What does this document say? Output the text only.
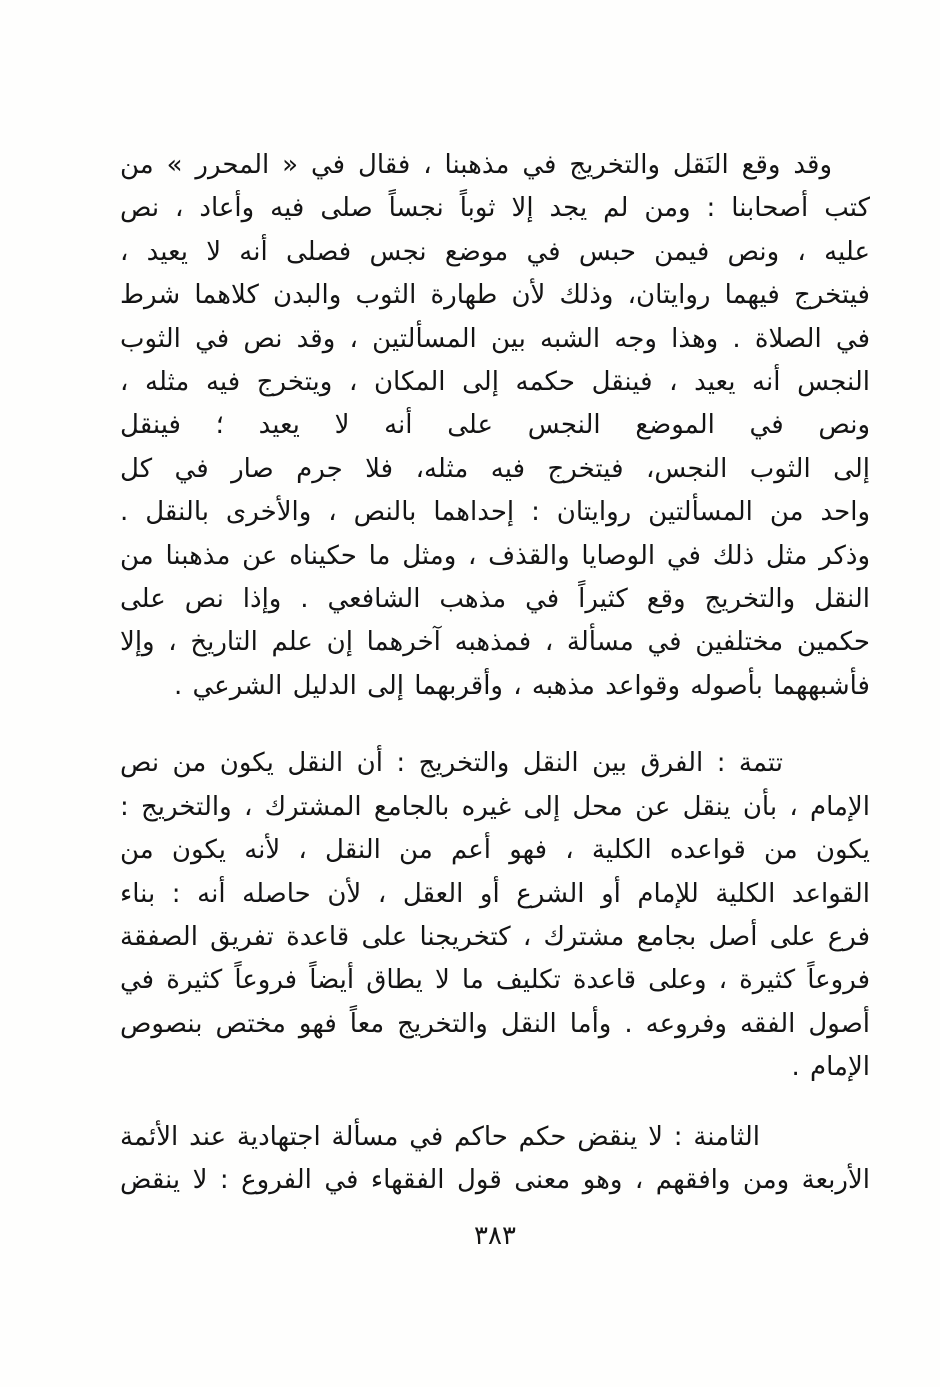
وقد وقع النَقل والتخريج في مذهبنا ، فقال في « المحرر » من
كتب أصحابنا : ومن لم يجد إلا ثوباً نجساً صلى فيه وأعاد ، نص
عليه ، ونص فيمن حبس في موضع نجس فصلى أنه لا يعيد ،
فيتخرج فيهما روايتان، وذلك لأن طهارة الثوب والبدن كلاهما شرط
في الصلاة . وهذا وجه الشبه بين المسألتين ، وقد نص في الثوب
النجس أنه يعيد ، فينقل حكمه إلى المكان ، ويتخرج فيه مثله ،
ونص في الموضع النجس على أنه لا يعيد ؛ فينقل
إلى الثوب النجس، فيتخرج فيه مثله، فلا جرم صار في كل
واحد من المسألتين روايتان : إحداهما بالنص ، والأخرى بالنقل .
وذكر مثل ذلك في الوصايا والقذف ، ومثل ما حكيناه عن مذهبنا من
النقل والتخريج وقع كثيراً في مذهب الشافعي . وإذا نص على
حكمين مختلفين في مسألة ، فمذهبه آخرهما إن علم التاريخ ، وإلا
فأشبههما بأصوله وقواعد مذهبه ، وأقربهما إلى الدليل الشرعي .
تتمة : الفرق بين النقل والتخريج : أن النقل يكون من نص
الإمام ، بأن ينقل عن محل إلى غيره بالجامع المشترك ، والتخريج :
يكون من قواعده الكلية ، فهو أعم من النقل ، لأنه يكون من
القواعد الكلية للإمام أو الشرع أو العقل ، لأن حاصله أنه : بناء
فرع على أصل بجامع مشترك ، كتخريجنا على قاعدة تفريق الصفقة
فروعاً كثيرة ، وعلى قاعدة تكليف ما لا يطاق أيضاً فروعاً كثيرة في
أصول الفقه وفروعه . وأما النقل والتخريج معاً فهو مختص بنصوص
الإمام .
الثامنة : لا ينقض حكم حاكم في مسألة اجتهادية عند الأئمة
الأربعة ومن وافقهم ، وهو معنى قول الفقهاء في الفروع : لا ينقض
٣٨٣
